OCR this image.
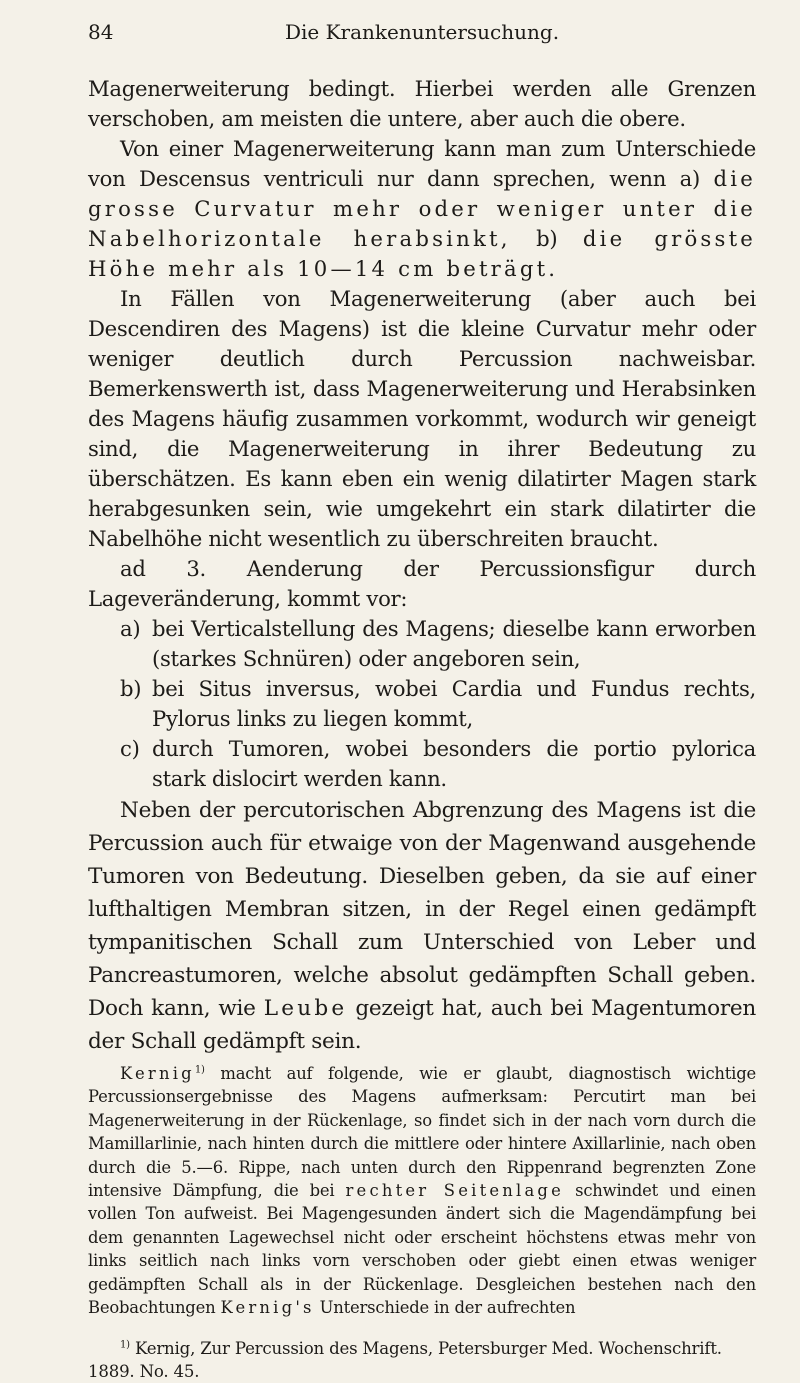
84	Die Krankenuntersuchung.

Magenerweiterung bedingt. Hierbei werden alle Grenzen verschoben, am meisten die untere, aber auch die obere.

Von einer Magenerweiterung kann man zum Unterschiede von Descensus ventriculi nur dann sprechen, wenn a) die grosse Curvatur mehr oder weniger unter die Nabelhorizontale herabsinkt, b) die grösste Höhe mehr als 10—14 cm beträgt.

In Fällen von Magenerweiterung (aber auch bei Descendiren des Magens) ist die kleine Curvatur mehr oder weniger deutlich durch Percussion nachweisbar. Bemerkenswerth ist, dass Magenerweiterung und Herabsinken des Magens häufig zusammen vorkommt, wodurch wir geneigt sind, die Magenerweiterung in ihrer Bedeutung zu überschätzen. Es kann eben ein wenig dilatirter Magen stark herabgesunken sein, wie umgekehrt ein stark dilatirter die Nabelhöhe nicht wesentlich zu überschreiten braucht.

ad 3. Aenderung der Percussionsfigur durch Lageveränderung, kommt vor:

a) bei Verticalstellung des Magens; dieselbe kann erworben (starkes Schnüren) oder angeboren sein,
b) bei Situs inversus, wobei Cardia und Fundus rechts, Pylorus links zu liegen kommt,
c) durch Tumoren, wobei besonders die portio pylorica stark dislocirt werden kann.

Neben der percutorischen Abgrenzung des Magens ist die Percussion auch für etwaige von der Magenwand ausgehende Tumoren von Bedeutung. Dieselben geben, da sie auf einer lufthaltigen Membran sitzen, in der Regel einen gedämpft tympanitischen Schall zum Unterschied von Leber und Pancreastumoren, welche absolut gedämpften Schall geben. Doch kann, wie Leube gezeigt hat, auch bei Magentumoren der Schall gedämpft sein.

Kernig$^{1)}$ macht auf folgende, wie er glaubt, diagnostisch wichtige Percussionsergebnisse des Magens aufmerksam: Percutirt man bei Magenerweiterung in der Rückenlage, so findet sich in der nach vorn durch die Mamillarlinie, nach hinten durch die mittlere oder hintere Axillarlinie, nach oben durch die 5.—6. Rippe, nach unten durch den Rippenrand begrenzten Zone intensive Dämpfung, die bei rechter Seitenlage schwindet und einen vollen Ton aufweist. Bei Magengesunden ändert sich die Magendämpfung bei dem genannten Lagewechsel nicht oder erscheint höchstens etwas mehr von links seitlich nach links vorn verschoben oder giebt einen etwas weniger gedämpften Schall als in der Rückenlage. Desgleichen bestehen nach den Beobachtungen Kernig's Unterschiede in der aufrechten

$^{1)}$ Kernig, Zur Percussion des Magens, Petersburger Med. Wochenschrift. 1889. No. 45.
